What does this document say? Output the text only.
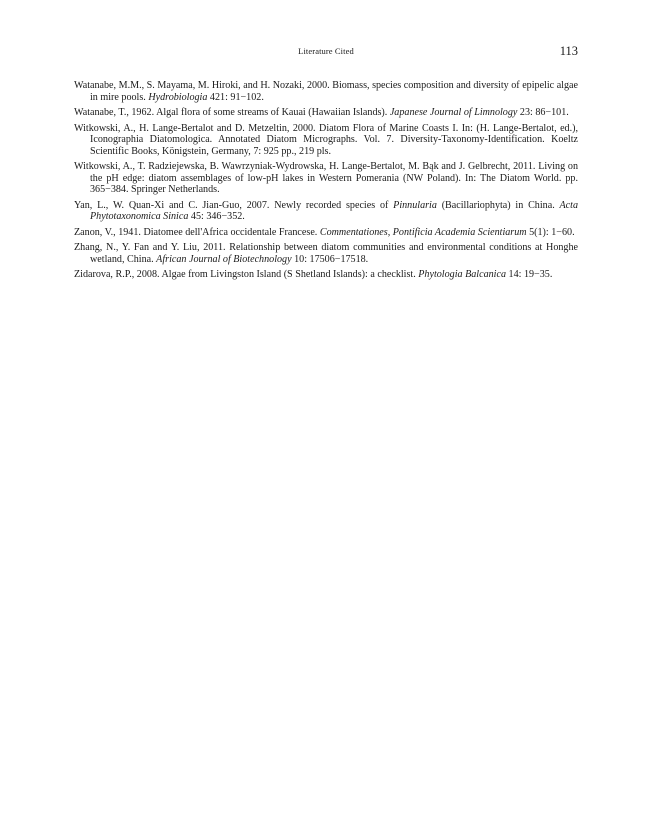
Literature Cited	113

Watanabe, M.M., S. Mayama, M. Hiroki, and H. Nozaki, 2000. Biomass, species composition and diversity of epipelic algae in mire pools. Hydrobiologia 421: 91−102.

Watanabe, T., 1962. Algal flora of some streams of Kauai (Hawaiian Islands). Japanese Journal of Limnology 23: 86−101.

Witkowski, A., H. Lange-Bertalot and D. Metzeltin, 2000. Diatom Flora of Marine Coasts I. In: (H. Lange-Bertalot, ed.), Iconographia Diatomologica. Annotated Diatom Micrographs. Vol. 7. Diversity-Taxonomy-Identification. Koeltz Scientific Books, Königstein, Germany, 7: 925 pp., 219 pls.

Witkowski, A., T. Radziejewska, B. Wawrzyniak-Wydrowska, H. Lange-Bertalot, M. Bąk and J. Gelbrecht, 2011. Living on the pH edge: diatom assemblages of low-pH lakes in Western Pomerania (NW Poland). In: The Diatom World. pp. 365−384. Springer Netherlands.

Yan, L., W. Quan-Xi and C. Jian-Guo, 2007. Newly recorded species of Pinnularia (Bacillariophyta) in China. Acta Phytotaxonomica Sinica 45: 346−352.

Zanon, V., 1941. Diatomee dell'Africa occidentale Francese. Commentationes, Pontificia Academia Scientiarum 5(1): 1−60.

Zhang, N., Y. Fan and Y. Liu, 2011. Relationship between diatom communities and environmental conditions at Honghe wetland, China. African Journal of Biotechnology 10: 17506−17518.

Zidarova, R.P., 2008. Algae from Livingston Island (S Shetland Islands): a checklist. Phytologia Balcanica 14: 19−35.
